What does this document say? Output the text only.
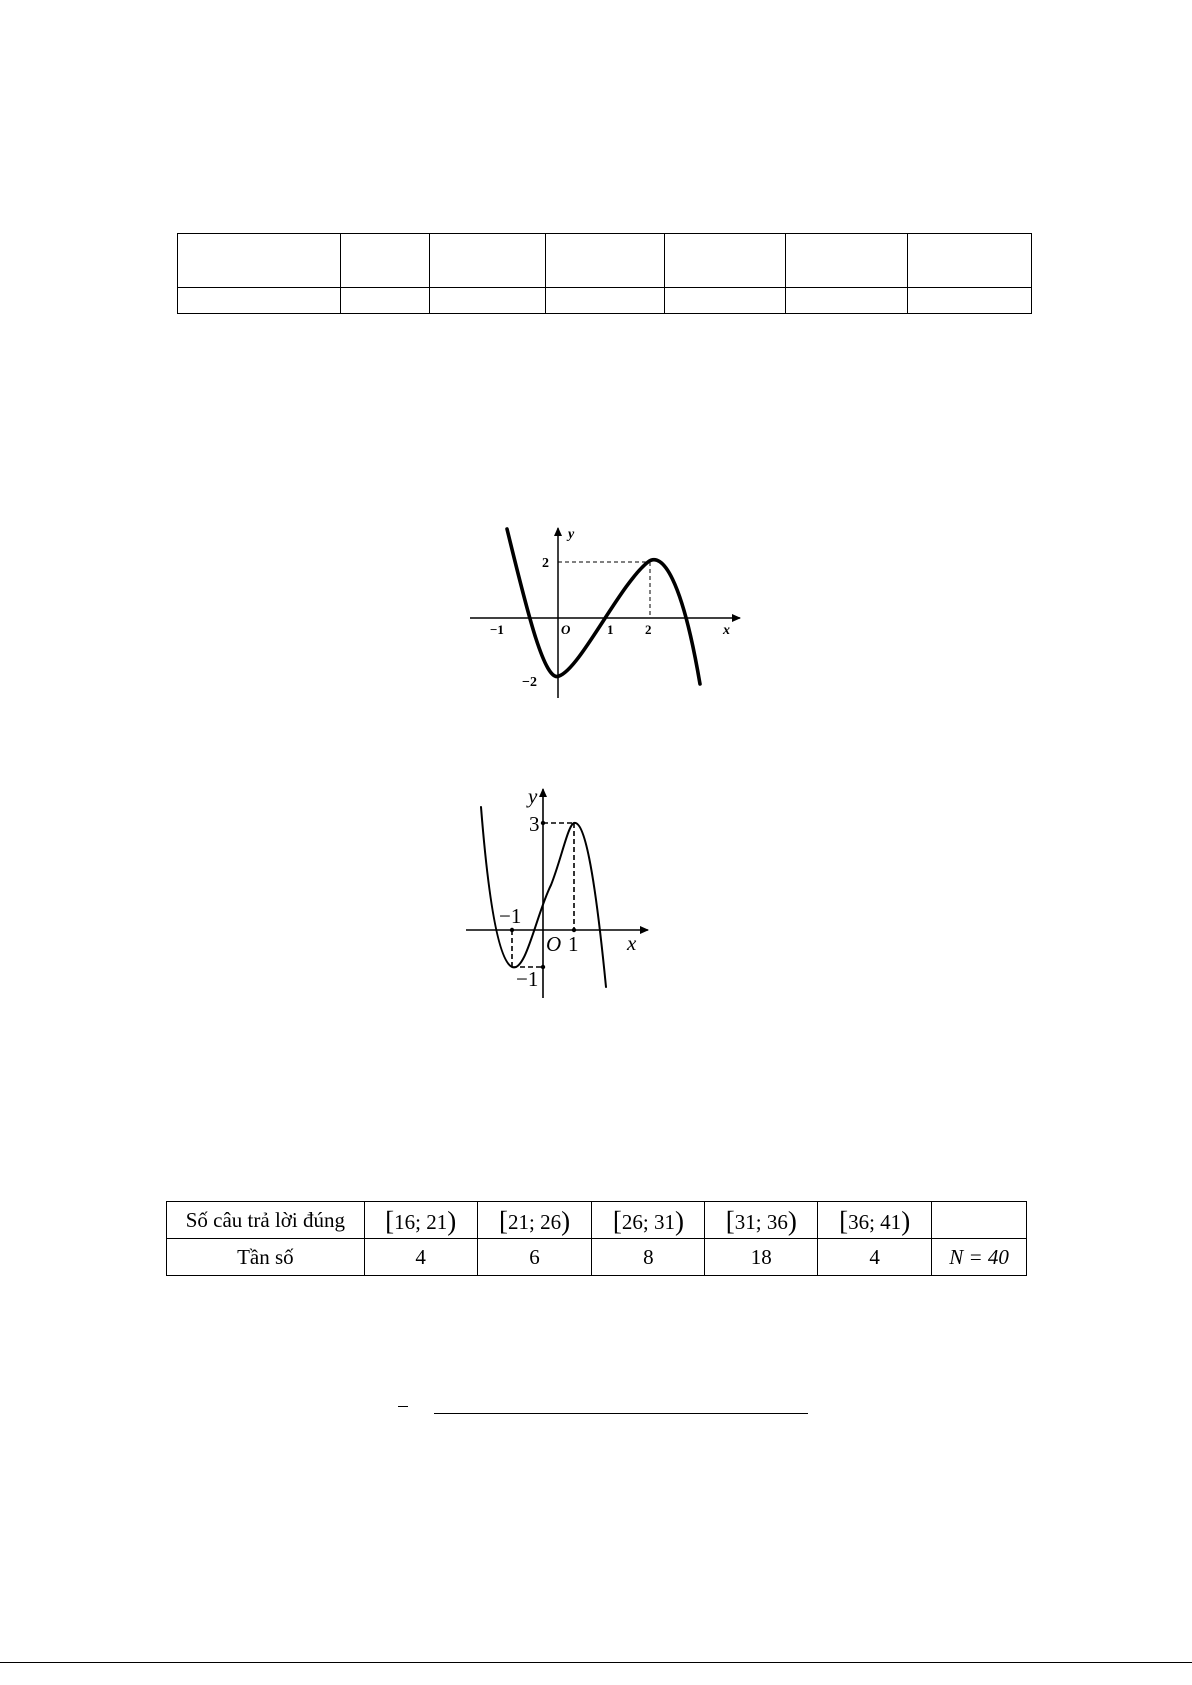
y
x
O
2
−2
−1	1 2
y
x
O
3
−1
−1
1
Số câu trả lời đúng	[16; 21)	[21; 26)	[26; 31)	[31; 36)	[36; 41)	
Tần số	4	6	8	18	4	N = 40
